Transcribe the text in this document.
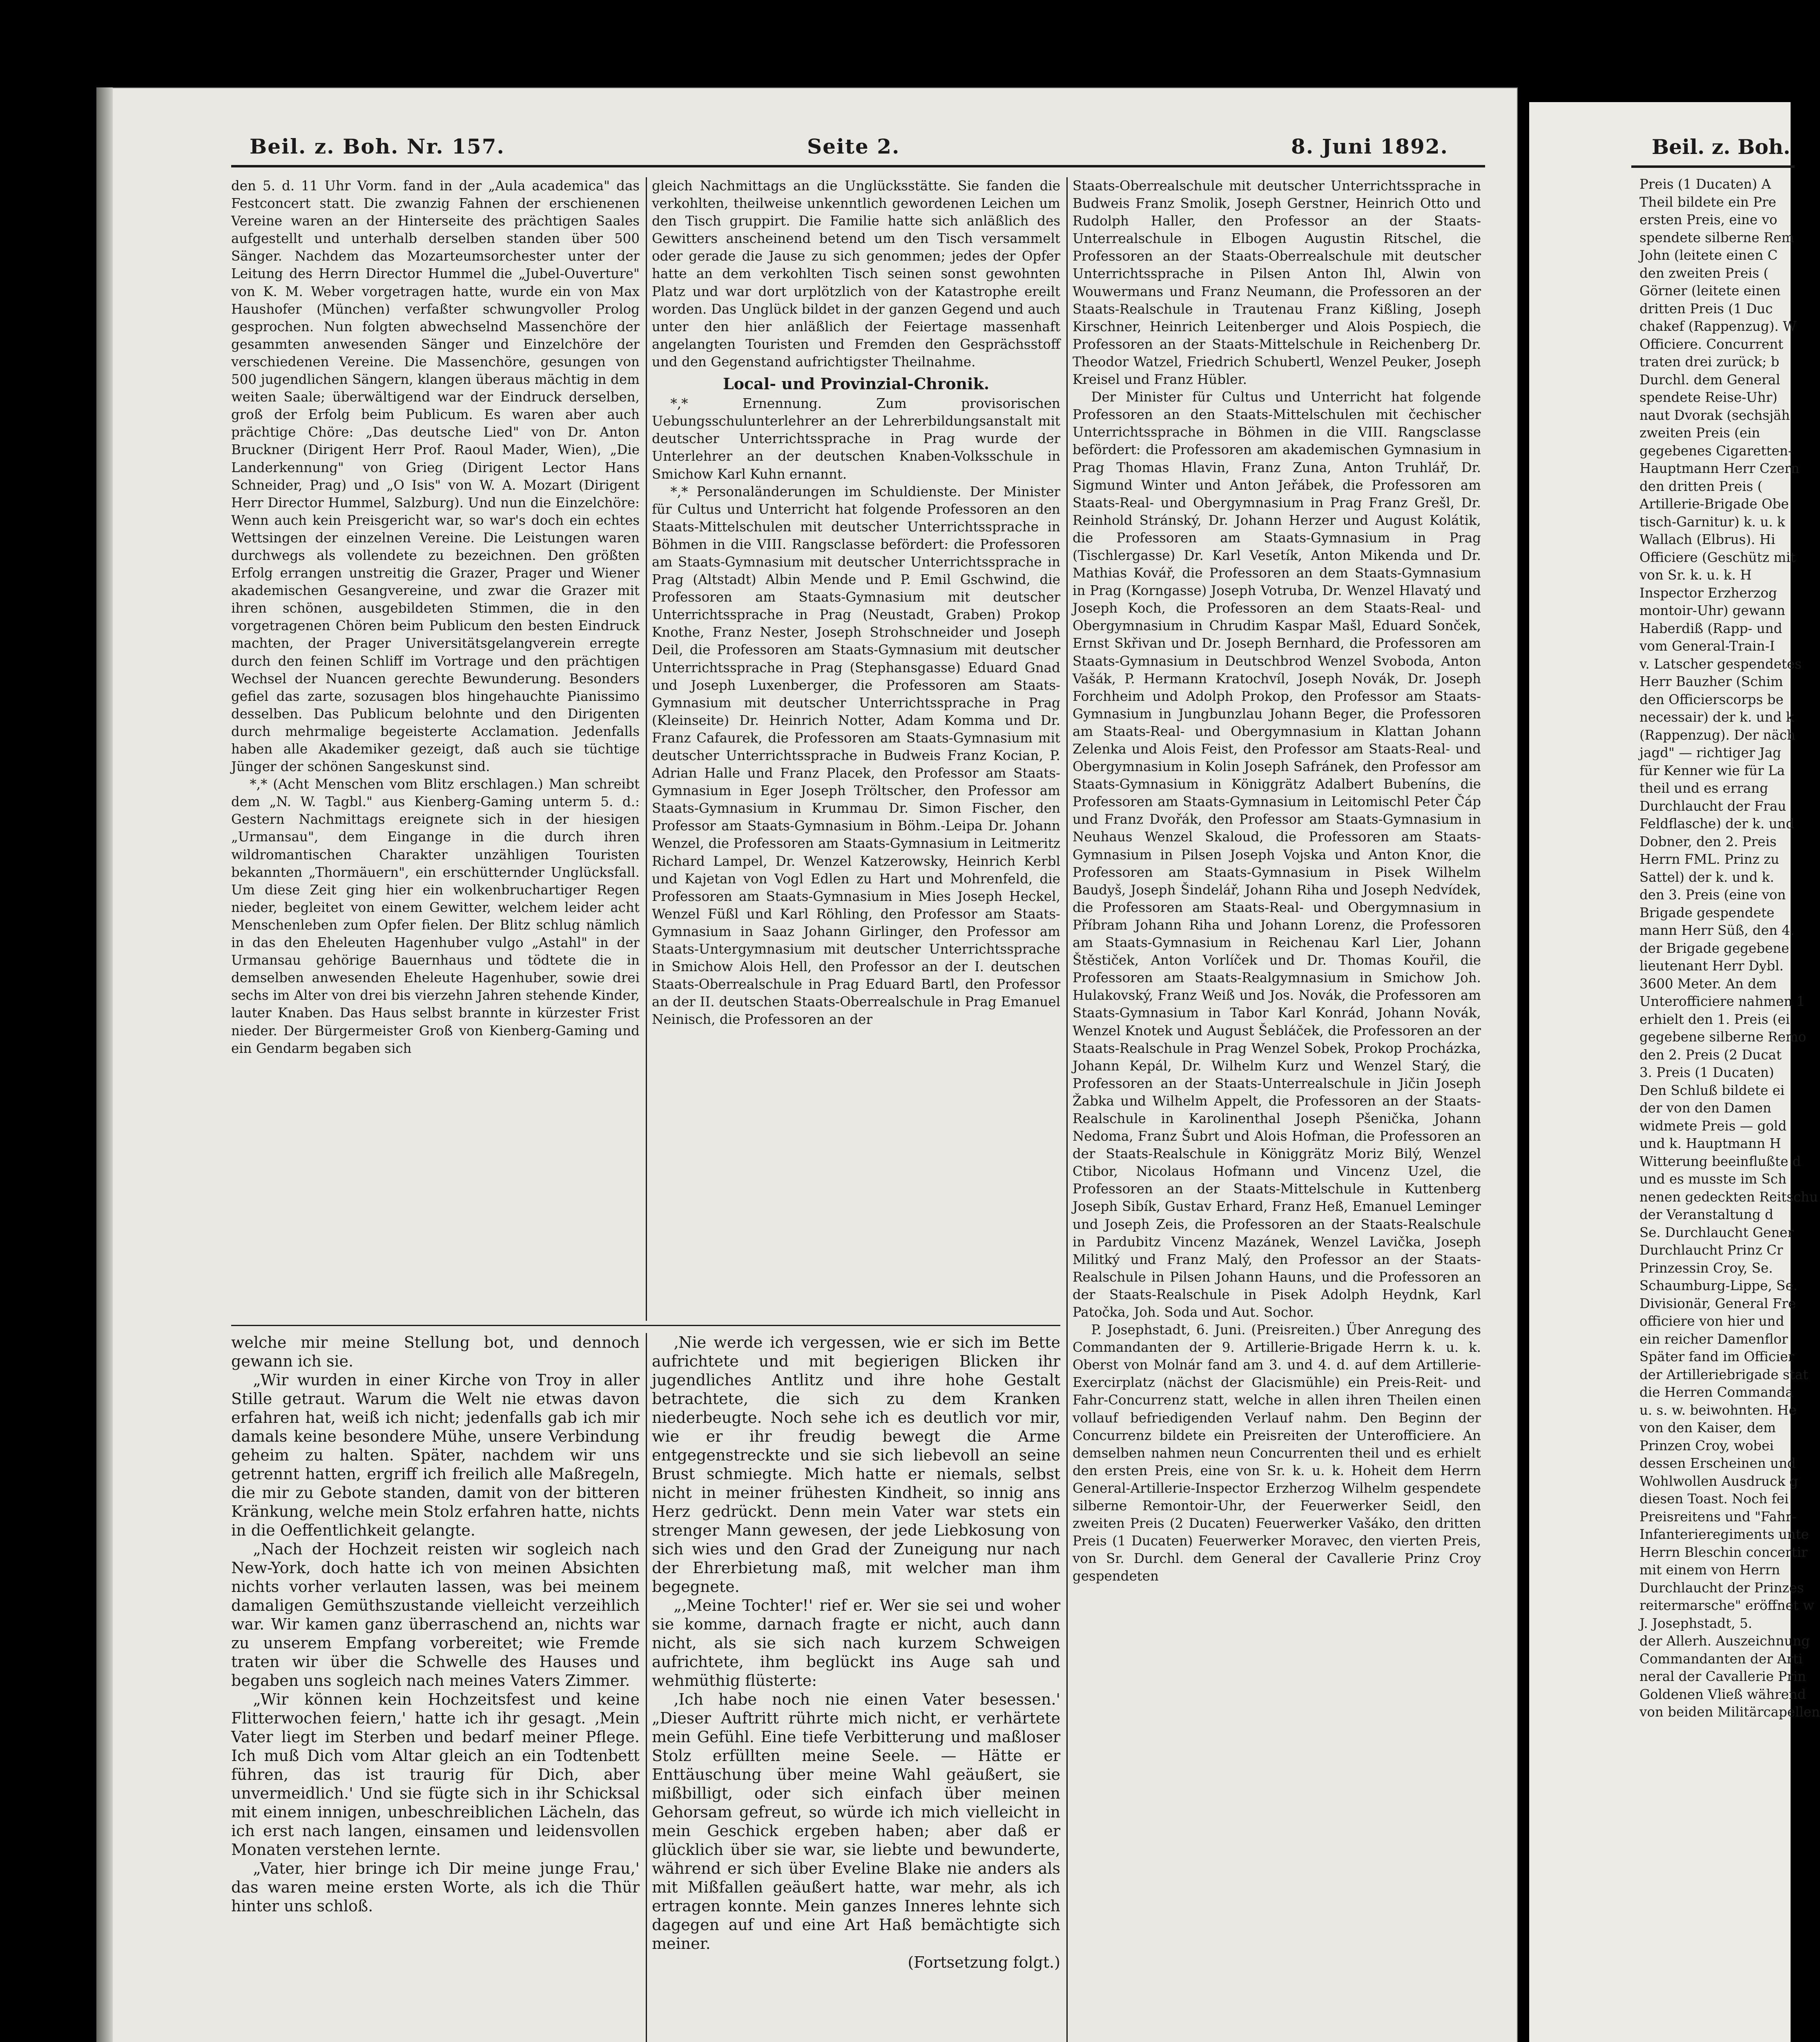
Beil. z. Boh. Nr. 157.	Seite 2.	8. Juni 1892.

den 5. d. 11 Uhr Vorm. fand in der „Aula academica" das Festconcert statt. Die zwanzig Fahnen der erschienenen Vereine waren an der Hinterseite des prächtigen Saales aufgestellt und unterhalb derselben standen über 500 Sänger. Nachdem das Mozarteumsorchester unter der Leitung des Herrn Director Hummel die „Jubel-Ouverture" von K. M. Weber vorgetragen hatte, wurde ein von Max Haushofer (München) verfaßter schwungvoller Prolog gesprochen. Nun folgten abwechselnd Massenchöre der gesammten anwesenden Sänger und Einzelchöre der verschiedenen Vereine. Die Massenchöre, gesungen von 500 jugendlichen Sängern, klangen überaus mächtig in dem weiten Saale; überwältigend war der Eindruck derselben, groß der Erfolg beim Publicum. Es waren aber auch prächtige Chöre: „Das deutsche Lied" von Dr. Anton Bruckner (Dirigent Herr Prof. Raoul Mader, Wien), „Die Landerkennung" von Grieg (Dirigent Lector Hans Schneider, Prag) und „O Isis" von W. A. Mozart (Dirigent Herr Director Hummel, Salzburg). Und nun die Einzelchöre: Wenn auch kein Preisgericht war, so war's doch ein echtes Wettsingen der einzelnen Vereine. Die Leistungen waren durchwegs als vollendete zu bezeichnen. Den größten Erfolg errangen unstreitig die Grazer, Prager und Wiener akademischen Gesangvereine, und zwar die Grazer mit ihren schönen, ausgebildeten Stimmen, die in den vorgetragenen Chören beim Publicum den besten Eindruck machten, der Prager Universitätsgelangverein erregte durch den feinen Schliff im Vortrage und den prächtigen Wechsel der Nuancen gerechte Bewunderung. Besonders gefiel das zarte, sozusagen blos hingehauchte Pianissimo desselben. Das Publicum belohnte und den Dirigenten durch mehrmalige begeisterte Acclamation. Jedenfalls haben alle Akademiker gezeigt, daß auch sie tüchtige Jünger der schönen Sangeskunst sind.

*,* (Acht Menschen vom Blitz erschlagen.) Man schreibt dem „N. W. Tagbl." aus Kienberg-Gaming unterm 5. d.: Gestern Nachmittags ereignete sich in der hiesigen „Urmansau", dem Eingange in die durch ihren wildromantischen Charakter unzähligen Touristen bekannten „Thormäuern", ein erschütternder Unglücksfall. Um diese Zeit ging hier ein wolkenbruchartiger Regen nieder, begleitet von einem Gewitter, welchem leider acht Menschenleben zum Opfer fielen. Der Blitz schlug nämlich in das den Eheleuten Hagenhuber vulgo „Astahl" in der Urmansau gehörige Bauernhaus und tödtete die in demselben anwesenden Eheleute Hagenhuber, sowie drei sechs im Alter von drei bis vierzehn Jahren stehende Kinder, lauter Knaben. Das Haus selbst brannte in kürzester Frist nieder. Der Bürgermeister Groß von Kienberg-Gaming und ein Gendarm begaben sich

gleich Nachmittags an die Unglücksstätte. Sie fanden die verkohlten, theilweise unkenntlich gewordenen Leichen um den Tisch gruppirt. Die Familie hatte sich anläßlich des Gewitters anscheinend betend um den Tisch versammelt oder gerade die Jause zu sich genommen; jedes der Opfer hatte an dem verkohlten Tisch seinen sonst gewohnten Platz und war dort urplötzlich von der Katastrophe ereilt worden. Das Unglück bildet in der ganzen Gegend und auch unter den hier anläßlich der Feiertage massenhaft angelangten Touristen und Fremden den Gesprächsstoff und den Gegenstand aufrichtigster Theilnahme.

Local- und Provinzial-Chronik.

*,* Ernennung. Zum provisorischen Uebungsschulunterlehrer an der Lehrerbildungsanstalt mit deutscher Unterrichtssprache in Prag wurde der Unterlehrer an der deutschen Knaben-Volksschule in Smichow Karl Kuhn ernannt.

*,* Personaländerungen im Schuldienste. Der Minister für Cultus und Unterricht hat folgende Professoren an den Staats-Mittelschulen mit deutscher Unterrichtssprache in Böhmen in die VIII. Rangsclasse befördert: die Professoren am Staats-Gymnasium mit deutscher Unterrichtssprache in Prag (Altstadt) Albin Mende und P. Emil Gschwind, die Professoren am Staats-Gymnasium mit deutscher Unterrichtssprache in Prag (Neustadt, Graben) Prokop Knothe, Franz Nester, Joseph Strohschneider und Joseph Deil, die Professoren am Staats-Gymnasium mit deutscher Unterrichtssprache in Prag (Stephansgasse) Eduard Gnad und Joseph Luxenberger, die Professoren am Staats-Gymnasium mit deutscher Unterrichtssprache in Prag (Kleinseite) Dr. Heinrich Notter, Adam Komma und Dr. Franz Cafaurek, die Professoren am Staats-Gymnasium mit deutscher Unterrichtssprache in Budweis Franz Kocian, P. Adrian Halle und Franz Placek, den Professor am Staats-Gymnasium in Eger Joseph Tröltscher, den Professor am Staats-Gymnasium in Krummau Dr. Simon Fischer, den Professor am Staats-Gymnasium in Böhm.-Leipa Dr. Johann Wenzel, die Professoren am Staats-Gymnasium in Leitmeritz Richard Lampel, Dr. Wenzel Katzerowsky, Heinrich Kerbl und Kajetan von Vogl Edlen zu Hart und Mohrenfeld, die Professoren am Staats-Gymnasium in Mies Joseph Heckel, Wenzel Füßl und Karl Röhling, den Professor am Staats-Gymnasium in Saaz Johann Girlinger, den Professor am Staats-Untergymnasium mit deutscher Unterrichtssprache in Smichow Alois Hell, den Professor an der I. deutschen Staats-Oberrealschule in Prag Eduard Bartl, den Professor an der II. deutschen Staats-Oberrealschule in Prag Emanuel Neinisch, die Professoren an der

Staats-Oberrealschule mit deutscher Unterrichtssprache in Budweis Franz Smolik, Joseph Gerstner, Heinrich Otto und Rudolph Haller, den Professor an der Staats-Unterrealschule in Elbogen Augustin Ritschel, die Professoren an der Staats-Oberrealschule mit deutscher Unterrichtssprache in Pilsen Anton Ihl, Alwin von Wouwermans und Franz Neumann, die Professoren an der Staats-Realschule in Trautenau Franz Kißling, Joseph Kirschner, Heinrich Leitenberger und Alois Pospiech, die Professoren an der Staats-Mittelschule in Reichenberg Dr. Theodor Watzel, Friedrich Schubertl, Wenzel Peuker, Joseph Kreisel und Franz Hübler.

Der Minister für Cultus und Unterricht hat folgende Professoren an den Staats-Mittelschulen mit čechischer Unterrichtssprache in Böhmen in die VIII. Rangsclasse befördert: die Professoren am akademischen Gymnasium in Prag Thomas Hlavin, Franz Zuna, Anton Truhlář, Dr. Sigmund Winter und Anton Jeřábek, die Professoren am Staats-Real- und Obergymnasium in Prag Franz Grešl, Dr. Reinhold Stránský, Dr. Johann Herzer und August Kolátik, die Professoren am Staats-Gymnasium in Prag (Tischlergasse) Dr. Karl Vesetík, Anton Mikenda und Dr. Mathias Kovář, die Professoren an dem Staats-Gymnasium in Prag (Korngasse) Joseph Votruba, Dr. Wenzel Hlavatý und Joseph Koch, die Professoren an dem Staats-Real- und Obergymnasium in Chrudim Kaspar Mašl, Eduard Sonček, Ernst Skřivan und Dr. Joseph Bernhard, die Professoren am Staats-Gymnasium in Deutschbrod Wenzel Svoboda, Anton Vašák, P. Hermann Kratochvíl, Joseph Novák, Dr. Joseph Forchheim und Adolph Prokop, den Professor am Staats-Gymnasium in Jungbunzlau Johann Beger, die Professoren am Staats-Real- und Obergymnasium in Klattan Johann Zelenka und Alois Feist, den Professor am Staats-Real- und Obergymnasium in Kolin Joseph Safránek, den Professor am Staats-Gymnasium in Königgrätz Adalbert Bubeníns, die Professoren am Staats-Gymnasium in Leitomischl Peter Čáp und Franz Dvořák, den Professor am Staats-Gymnasium in Neuhaus Wenzel Skaloud, die Professoren am Staats-Gymnasium in Pilsen Joseph Vojska und Anton Knor, die Professoren am Staats-Gymnasium in Pisek Wilhelm Baudyš, Joseph Šindelář, Johann Riha und Joseph Nedvídek, die Professoren am Staats-Real- und Obergymnasium in Příbram Johann Riha und Johann Lorenz, die Professoren am Staats-Gymnasium in Reichenau Karl Lier, Johann Štěstiček, Anton Vorlíček und Dr. Thomas Kouřil, die Professoren am Staats-Realgymnasium in Smichow Joh. Hulakovský, Franz Weiß und Jos. Novák, die Professoren am Staats-Gymnasium in Tabor Karl Konrád, Johann Novák, Wenzel Knotek und August Šebláček, die Professoren an der Staats-Realschule in Prag Wenzel Sobek, Prokop Procházka, Johann Kepál, Dr. Wilhelm Kurz und Wenzel Starý, die Professoren an der Staats-Unterrealschule in Jičin Joseph Žabka und Wilhelm Appelt, die Professoren an der Staats-Realschule in Karolinenthal Joseph Pšenička, Johann Nedoma, Franz Šubrt und Alois Hofman, die Professoren an der Staats-Realschule in Königgrätz Moriz Bilý, Wenzel Ctibor, Nicolaus Hofmann und Vincenz Uzel, die Professoren an der Staats-Mittelschule in Kuttenberg Joseph Sibík, Gustav Erhard, Franz Heß, Emanuel Leminger und Joseph Zeis, die Professoren an der Staats-Realschule in Pardubitz Vincenz Mazánek, Wenzel Lavička, Joseph Militký und Franz Malý, den Professor an der Staats-Realschule in Pilsen Johann Hauns, und die Professoren an der Staats-Realschule in Pisek Adolph Heydnk, Karl Patočka, Joh. Soda und Aut. Sochor.

P. Josephstadt, 6. Juni. (Preisreiten.) Über Anregung des Commandanten der 9. Artillerie-Brigade Herrn k. u. k. Oberst von Molnár fand am 3. und 4. d. auf dem Artillerie-Exercirplatz (nächst der Glacismühle) ein Preis-Reit- und Fahr-Concurrenz statt, welche in allen ihren Theilen einen vollauf befriedigenden Verlauf nahm. Den Beginn der Concurrenz bildete ein Preisreiten der Unterofficiere. An demselben nahmen neun Concurrenten theil und es erhielt den ersten Preis, eine von Sr. k. u. k. Hoheit dem Herrn General-Artillerie-Inspector Erzherzog Wilhelm gespendete silberne Remontoir-Uhr, der Feuerwerker Seidl, den zweiten Preis (2 Ducaten) Feuerwerker Vašáko, den dritten Preis (1 Ducaten) Feuerwerker Moravec, den vierten Preis, von Sr. Durchl. dem General der Cavallerie Prinz Croy gespendeten

welche mir meine Stellung bot, und dennoch gewann ich sie.

„Wir wurden in einer Kirche von Troy in aller Stille getraut. Warum die Welt nie etwas davon erfahren hat, weiß ich nicht; jedenfalls gab ich mir damals keine besondere Mühe, unsere Verbindung geheim zu halten. Später, nachdem wir uns getrennt hatten, ergriff ich freilich alle Maßregeln, die mir zu Gebote standen, damit von der bitteren Kränkung, welche mein Stolz erfahren hatte, nichts in die Oeffentlichkeit gelangte.

„Nach der Hochzeit reisten wir sogleich nach New-York, doch hatte ich von meinen Absichten nichts vorher verlauten lassen, was bei meinem damaligen Gemüthszustande vielleicht verzeihlich war. Wir kamen ganz überraschend an, nichts war zu unserem Empfang vorbereitet; wie Fremde traten wir über die Schwelle des Hauses und begaben uns sogleich nach meines Vaters Zimmer.

„Wir können kein Hochzeitsfest und keine Flitterwochen feiern,' hatte ich ihr gesagt. ‚Mein Vater liegt im Sterben und bedarf meiner Pflege. Ich muß Dich vom Altar gleich an ein Todtenbett führen, das ist traurig für Dich, aber unvermeidlich.' Und sie fügte sich in ihr Schicksal mit einem innigen, unbeschreiblichen Lächeln, das ich erst nach langen, einsamen und leidensvollen Monaten verstehen lernte.

„Vater, hier bringe ich Dir meine junge Frau,' das waren meine ersten Worte, als ich die Thür hinter uns schloß.

‚Nie werde ich vergessen, wie er sich im Bette aufrichtete und mit begierigen Blicken ihr jugendliches Antlitz und ihre hohe Gestalt betrachtete, die sich zu dem Kranken niederbeugte. Noch sehe ich es deutlich vor mir, wie er ihr freudig bewegt die Arme entgegenstreckte und sie sich liebevoll an seine Brust schmiegte. Mich hatte er niemals, selbst nicht in meiner frühesten Kindheit, so innig ans Herz gedrückt. Denn mein Vater war stets ein strenger Mann gewesen, der jede Liebkosung von sich wies und den Grad der Zuneigung nur nach der Ehrerbietung maß, mit welcher man ihm begegnete.

„‚Meine Tochter!' rief er. Wer sie sei und woher sie komme, darnach fragte er nicht, auch dann nicht, als sie sich nach kurzem Schweigen aufrichtete, ihm beglückt ins Auge sah und wehmüthig flüsterte:

‚Ich habe noch nie einen Vater besessen.' „Dieser Auftritt rührte mich nicht, er verhärtete mein Gefühl. Eine tiefe Verbitterung und maßloser Stolz erfüllten meine Seele. — Hätte er Enttäuschung über meine Wahl geäußert, sie mißbilligt, oder sich einfach über meinen Gehorsam gefreut, so würde ich mich vielleicht in mein Geschick ergeben haben; aber daß er glücklich über sie war, sie liebte und bewunderte, während er sich über Eveline Blake nie anders als mit Mißfallen geäußert hatte, war mehr, als ich ertragen konnte. Mein ganzes Inneres lehnte sich dagegen auf und eine Art Haß bemächtigte sich meiner.

(Fortsetzung folgt.)

Beil. z. Boh.
Preis (1 Ducaten) A
Theil bildete ein Pre
ersten Preis, eine vo
spendete silberne Rem
John (leitete einen C
den zweiten Preis (
Görner (leitete einen
dritten Preis (1 Duc
chakef (Rappenzug). W
Officiere. Concurrent
traten drei zurück; b
Durchl. dem General
spendete Reise-Uhr)
naut Dvorak (sechsjäh
zweiten Preis (ein
gegebenes Cigaretten-
Hauptmann Herr Czern
den dritten Preis (
Artillerie-Brigade Obe
tisch-Garnitur) k. u. k
Wallach (Elbrus). Hi
Officiere (Geschütz mit
von Sr. k. u. k. H
Inspector Erzherzog
montoir-Uhr) gewann
Haberdiß (Rapp- und
vom General-Train-I
v. Latscher gespendetes
Herr Bauzher (Schim
den Officierscorps be
necessair) der k. und k
(Rappenzug). Der näch
jagd" — richtiger Jag
für Kenner wie für La
theil und es errang
Durchlaucht der Frau
Feldflasche) der k. und
Dobner, den 2. Preis
Herrn FML. Prinz zu
Sattel) der k. und k.
den 3. Preis (eine von
Brigade gespendete
mann Herr Süß, den 4.
der Brigade gegebene
lieutenant Herr Dybl.
3600 Meter. An dem
Unterofficiere nahmen 1
erhielt den 1. Preis (ei
gegebene silberne Remo
den 2. Preis (2 Ducat
3. Preis (1 Ducaten)
Den Schluß bildete ei
der von den Damen
widmete Preis — gold
und k. Hauptmann H
Witterung beeinflußte d
und es musste im Sch
nenen gedeckten Reitschu
der Veranstaltung d
Se. Durchlaucht Gener
Durchlaucht Prinz Cr
Prinzessin Croy, Se.
Schaumburg-Lippe, Se.
Divisionär, General Fre
officiere von hier und
ein reicher Damenflor
Später fand im Officier
der Artilleriebrigade stat
die Herren Commanda
u. s. w. beiwohnten. He
von den Kaiser, dem
Prinzen Croy, wobei
dessen Erscheinen und
Wohlwollen Ausdruck g
diesen Toast. Noch fei
Preisreitens und "Fahr-
Infanterieregiments unte
Herrn Bleschin concertir
mit einem von Herrn
Durchlaucht der Prinzes
reitermarsche" eröffnet w
J. Josephstadt, 5.
der Allerh. Auszeichnung
Commandanten der Arti
neral der Cavallerie Prin
Goldenen Vließ während
von beiden Militärcapellen
